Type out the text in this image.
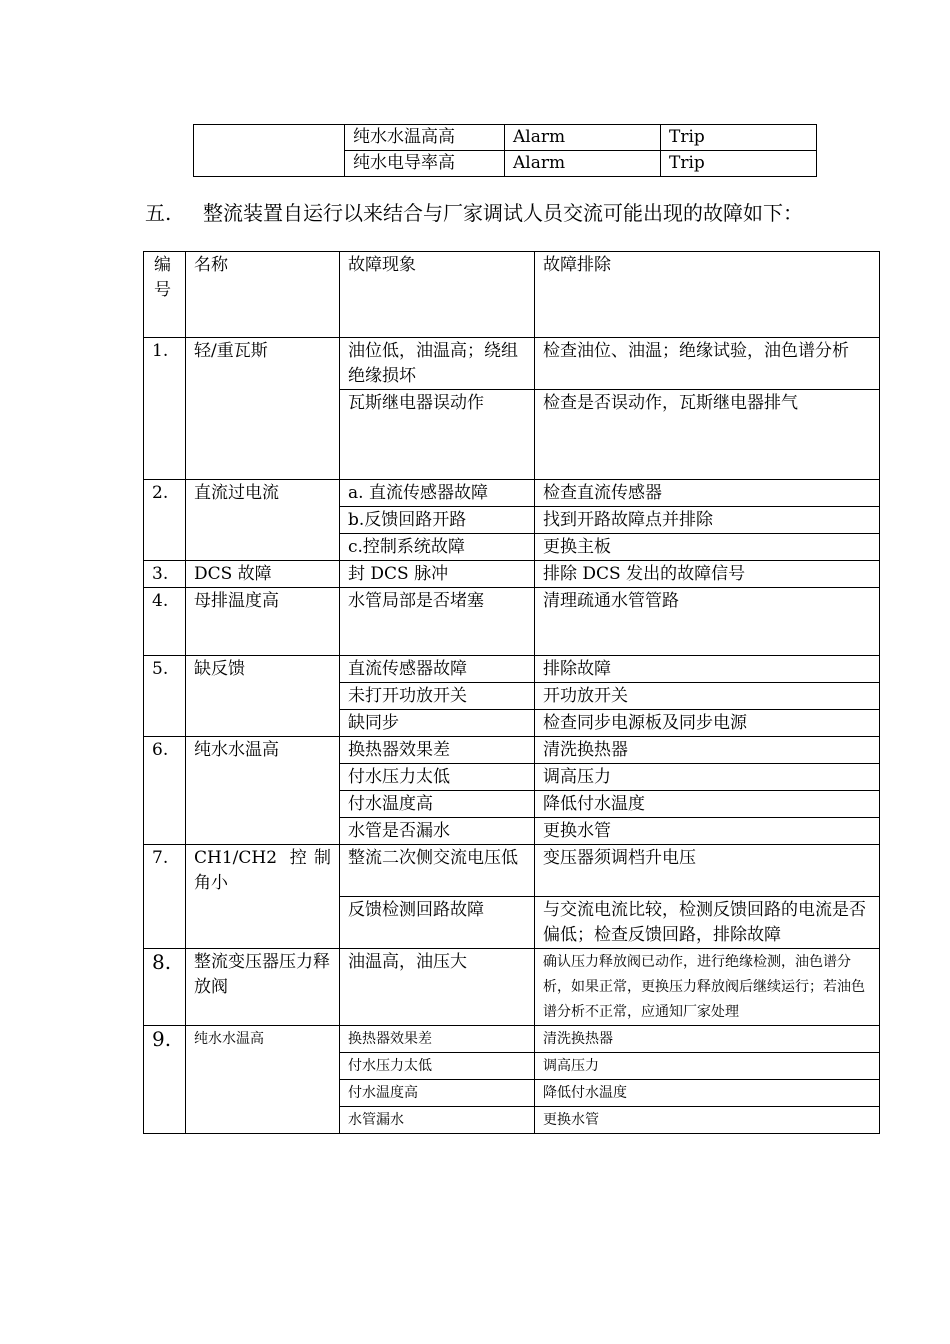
	纯水水温高高	Alarm	Trip
	纯水电导率高	Alarm	Trip
五. 整流装置自运行以来结合与厂家调试人员交流可能出现的故障如下：
编号	名称	故障现象	故障排除
1.	轻/重瓦斯	油位低，油温高；绕组绝缘损坏	检查油位、油温；绝缘试验，油色谱分析
		瓦斯继电器误动作	检查是否误动作，瓦斯继电器排气
2.	直流过电流	a. 直流传感器故障	检查直流传感器
		b.反馈回路开路	找到开路故障点并排除
		c.控制系统故障	更换主板
3.	DCS 故障	封 DCS 脉冲	排除 DCS 发出的故障信号
4.	母排温度高	水管局部是否堵塞	清理疏通水管管路
5.	缺反馈	直流传感器故障	排除故障
		未打开功放开关	开功放开关
		缺同步	检查同步电源板及同步电源
6.	纯水水温高	换热器效果差	清洗换热器
		付水压力太低	调高压力
		付水温度高	降低付水温度
		水管是否漏水	更换水管
7.	CH1/CH2 控制角小	整流二次侧交流电压低	变压器须调档升电压
		反馈检测回路故障	与交流电流比较，检测反馈回路的电流是否偏低；检查反馈回路，排除故障
8.	整流变压器压力释放阀	油温高，油压大	确认压力释放阀已动作，进行绝缘检测，油色谱分析，如果正常，更换压力释放阀后继续运行；若油色谱分析不正常，应通知厂家处理
9.	纯水水温高	换热器效果差	清洗换热器
		付水压力太低	调高压力
		付水温度高	降低付水温度
		水管漏水	更换水管
